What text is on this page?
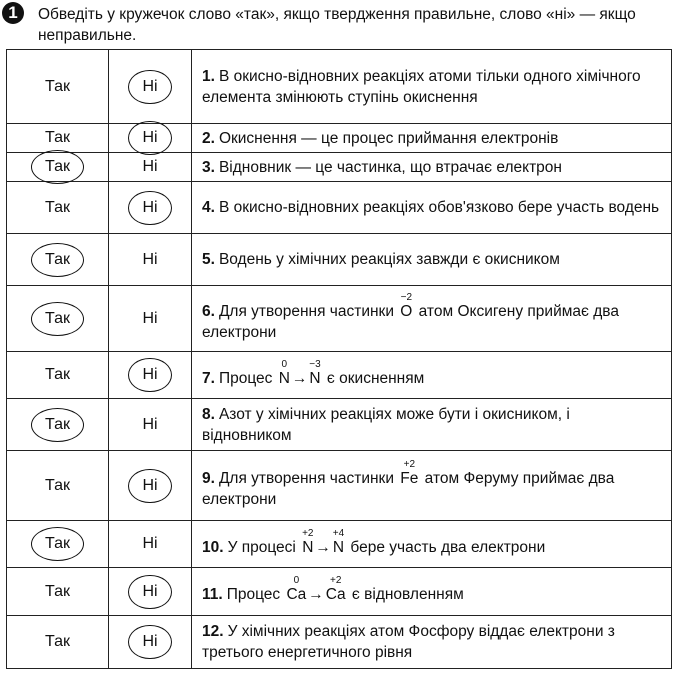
1	Обведіть у кружечок слово «так», якщо твердження правильне, слово «ні» — якщо неправильне.
Так	Ні
1. В окисно-відновних реакціях атоми тільки одного хімічного елемента змінюють ступінь окиснення
Так	Ні	2. Окиснення — це процес приймання електронів
Так	Ні	3. Відновник — це частинка, що втрачає електрон
Так	Ні	4. В окисно-відновних реакціях обов'язково бере участь водень
Так	Ні	5. Водень у хімічних реакціях завжди є окисником
Так	Ні	6. Для утворення частинки
−2
O атом Оксигену приймає два електрони
Так	Ні	7. Процес
0
N →
−3
N є окисненням
Так	Ні
8. Азот у хімічних реакціях може бути і окисником, і відновником
Так	Ні	9. Для утворення частинки
+2
Fe атом Феруму приймає два електрони
Так	Ні	10. У процесі
+2
N →
+4
N бере участь два електрони
Так	Ні	11. Процес
0
Ca →
+2
Ca є відновленням
Так	Ні
12. У хімічних реакціях атом Фосфору віддає електрони з третього енергетичного рівня
